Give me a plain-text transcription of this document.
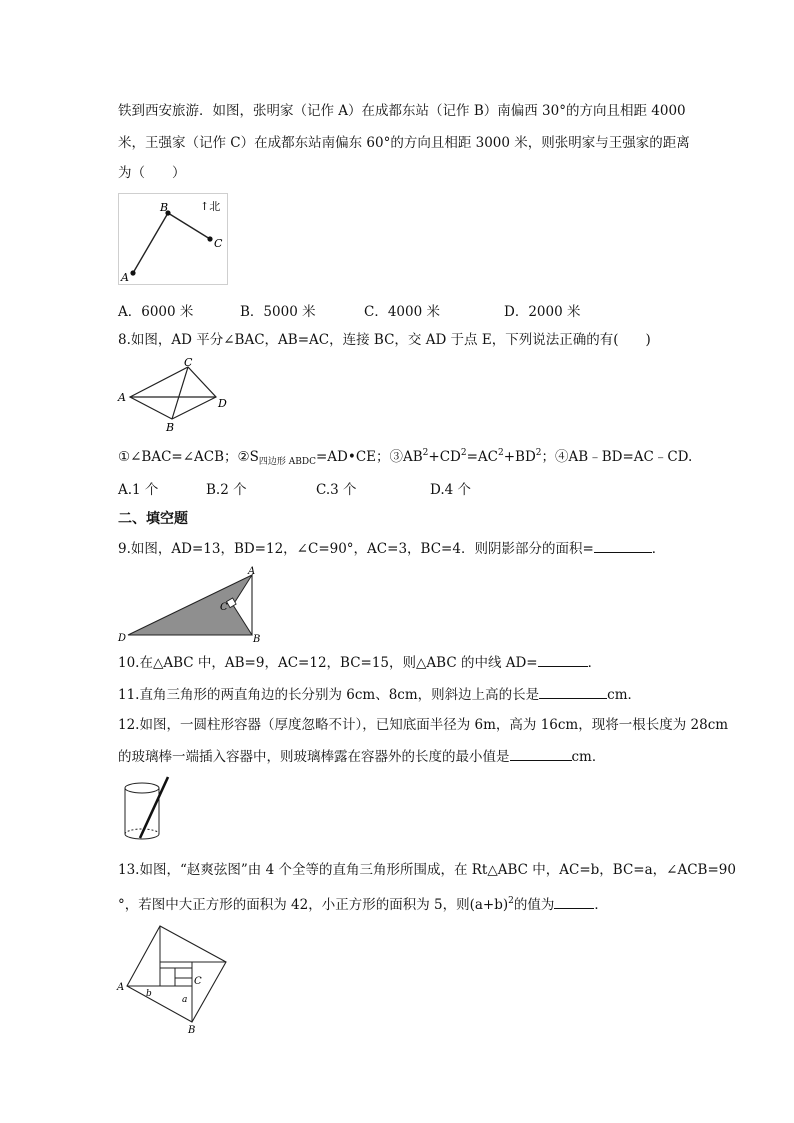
铁到西安旅游．如图，张明家（记作 A）在成都东站（记作 B）南偏西 30°的方向且相距 4000
米，王强家（记作 C）在成都东站南偏东 60°的方向且相距 3000 米，则张明家与王强家的距离
为（　　）
A
B
C
↑北
A．6000 米	B．5000 米	C．4000 米	D．2000 米
8.如图，AD 平分∠BAC，AB=AC，连接 BC，交 AD 于点 E，下列说法正确的有(　　)
A
C
D
B
①∠BAC=∠ACB；$②S_{四边形 ABDC}=AD•CE$；$③AB^2+CD^2=AC^2+BD^2$；④AB﹣BD=AC﹣CD.
A.1 个	B.2 个	C.3 个	D.4 个
二、填空题
9.如图，AD=13，BD=12，∠C=90°，AC=3，BC=4．则阴影部分的面积=	．
A
C
D	B
10.在△ABC 中，AB=9，AC=12，BC=15，则△ABC 的中线 AD=	．
11.直角三角形的两直角边的长分别为 6cm、8cm，则斜边上高的长是	cm．
12.如图，一圆柱形容器（厚度忽略不计），已知底面半径为 6m，高为 16cm，现将一根长度为 28cm
的玻璃棒一端插入容器中，则玻璃棒露在容器外的长度的最小值是	cm．
13.如图，“赵爽弦图”由 4 个全等的直角三角形所围成，在 Rt△ABC 中，AC=b，BC=a，∠ACB=90
°，若图中大正方形的面积为 42，小正方形的面积为 5，则$(a+b)^2$的值为	．
A
B
C
b
a
